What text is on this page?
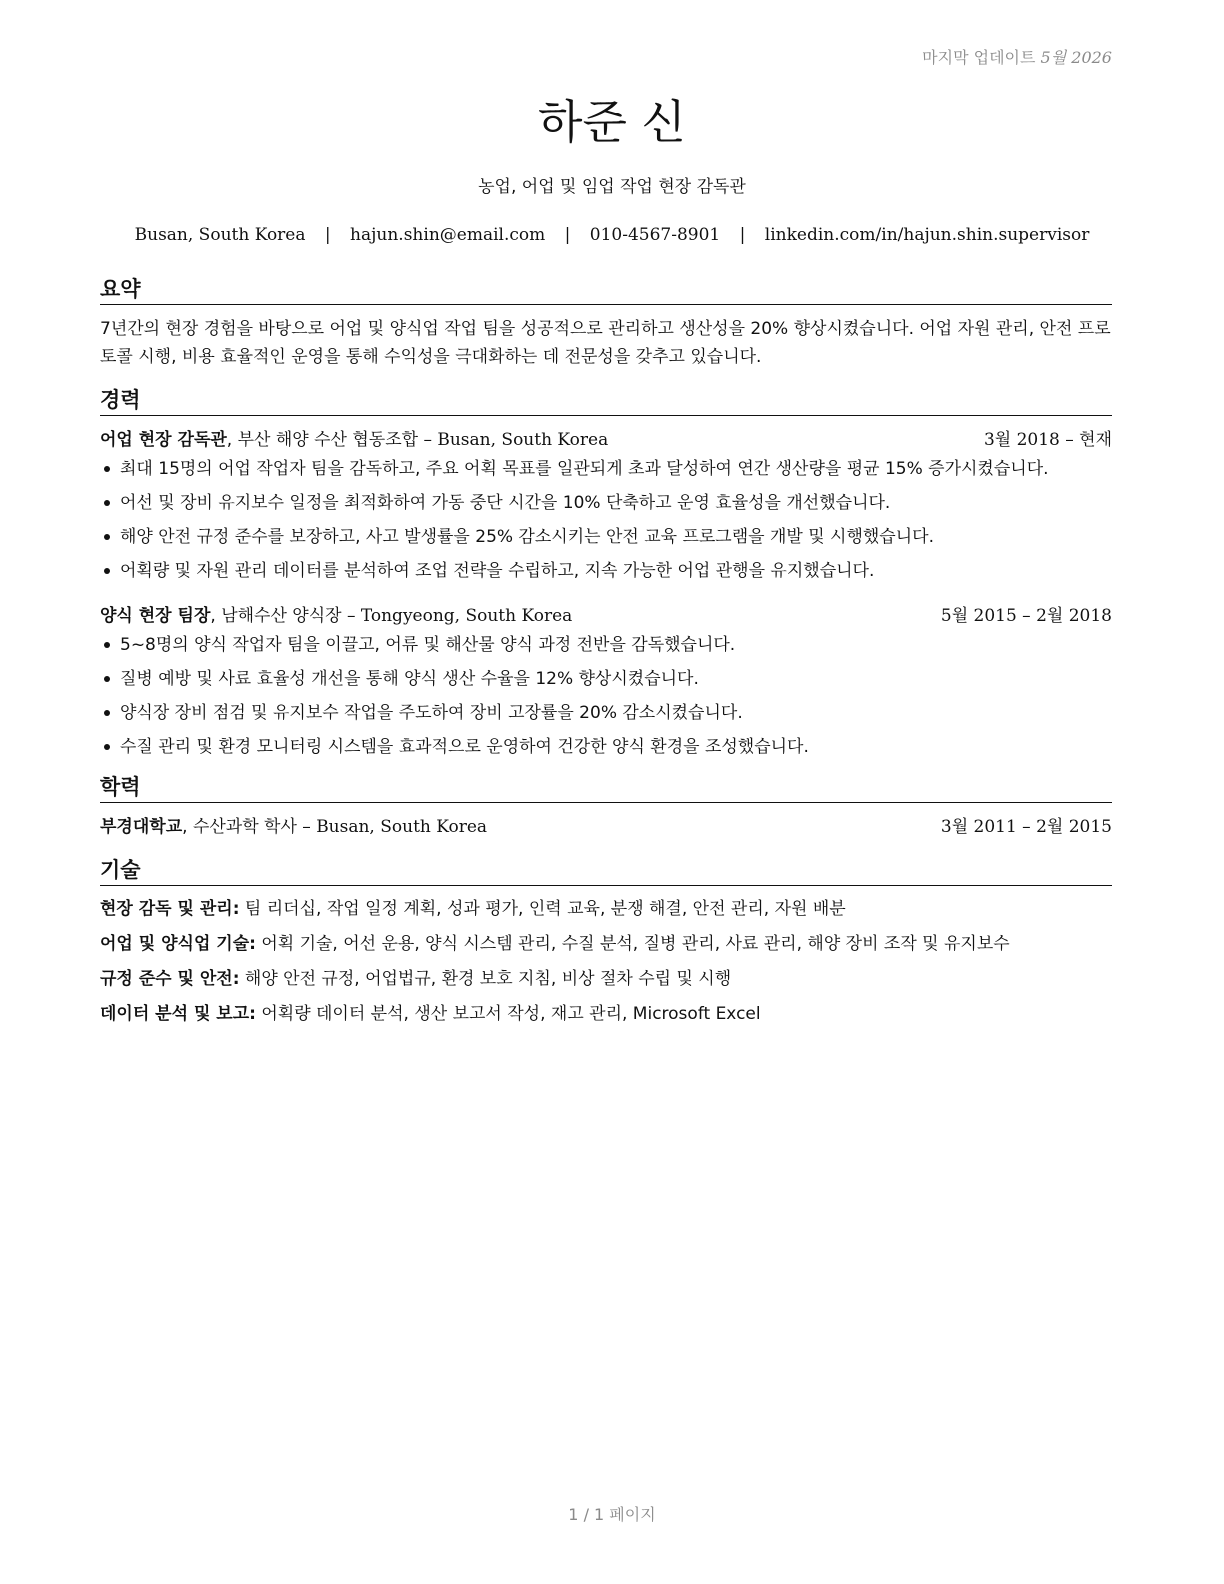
마지막 업데이트 5월 2026
하준 신
농업, 어업 및 임업 작업 현장 감독관
Busan, South Korea | hajun.shin@email.com | 010-4567-8901 | linkedin.com/in/hajun.shin.supervisor
요약

7년간의 현장 경험을 바탕으로 어업 및 양식업 작업 팀을 성공적으로 관리하고 생산성을 20% 향상시켰습니다. 어업 자원 관리, 안전 프로토콜 시행, 비용 효율적인 운영을 통해 수익성을 극대화하는 데 전문성을 갖추고 있습니다.

경력
어업 현장 감독관, 부산 해양 수산 협동조합 – Busan, South Korea	3월 2018 – 현재
최대 15명의 어업 작업자 팀을 감독하고, 주요 어획 목표를 일관되게 초과 달성하여 연간 생산량을 평균 15% 증가시켰습니다.
어선 및 장비 유지보수 일정을 최적화하여 가동 중단 시간을 10% 단축하고 운영 효율성을 개선했습니다.
해양 안전 규정 준수를 보장하고, 사고 발생률을 25% 감소시키는 안전 교육 프로그램을 개발 및 시행했습니다.
어획량 및 자원 관리 데이터를 분석하여 조업 전략을 수립하고, 지속 가능한 어업 관행을 유지했습니다.
양식 현장 팀장, 남해수산 양식장 – Tongyeong, South Korea	5월 2015 – 2월 2018
5~8명의 양식 작업자 팀을 이끌고, 어류 및 해산물 양식 과정 전반을 감독했습니다.
질병 예방 및 사료 효율성 개선을 통해 양식 생산 수율을 12% 향상시켰습니다.
양식장 장비 점검 및 유지보수 작업을 주도하여 장비 고장률을 20% 감소시켰습니다.
수질 관리 및 환경 모니터링 시스템을 효과적으로 운영하여 건강한 양식 환경을 조성했습니다.
학력
부경대학교, 수산과학 학사 – Busan, South Korea	3월 2011 – 2월 2015
기술
현장 감독 및 관리: 팀 리더십, 작업 일정 계획, 성과 평가, 인력 교육, 분쟁 해결, 안전 관리, 자원 배분
어업 및 양식업 기술: 어획 기술, 어선 운용, 양식 시스템 관리, 수질 분석, 질병 관리, 사료 관리, 해양 장비 조작 및 유지보수
규정 준수 및 안전: 해양 안전 규정, 어업법규, 환경 보호 지침, 비상 절차 수립 및 시행
데이터 분석 및 보고: 어획량 데이터 분석, 생산 보고서 작성, 재고 관리, Microsoft Excel
1 / 1 페이지
